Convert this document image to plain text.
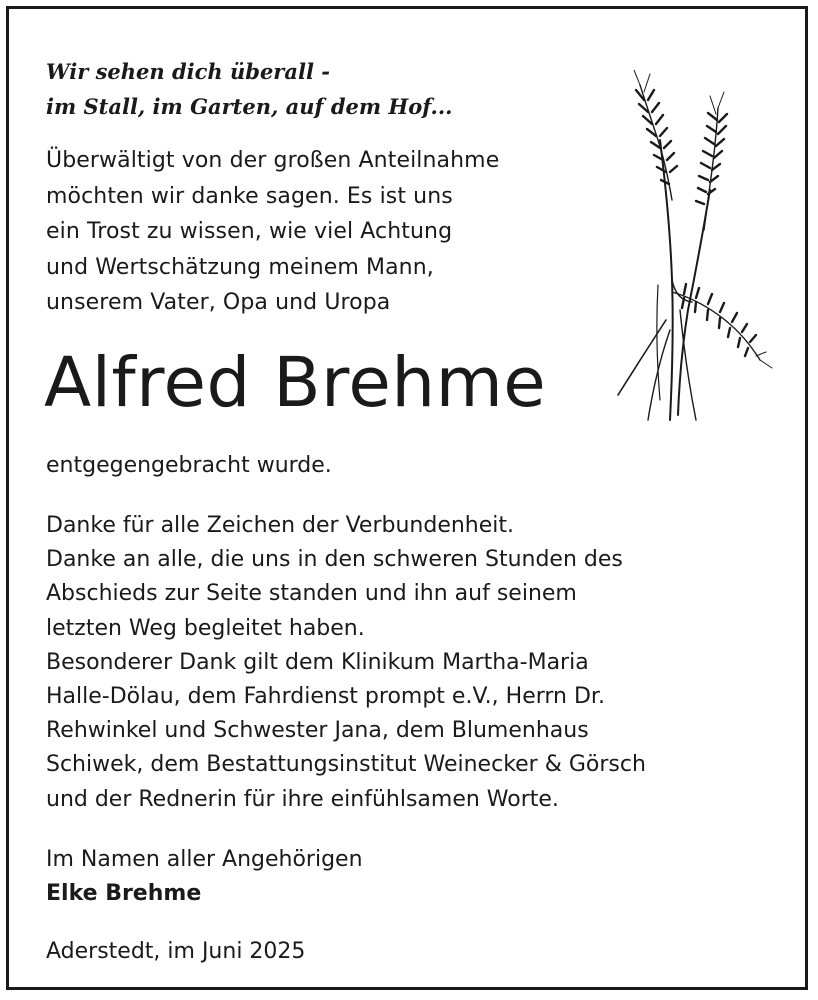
Wir sehen dich überall -
im Stall, im Garten, auf dem Hof...
Überwältigt von der großen Anteilnahme
möchten wir danke sagen. Es ist uns
ein Trost zu wissen, wie viel Achtung
und Wertschätzung meinem Mann,
unserem Vater, Opa und Uropa
Alfred Brehme
entgegengebracht wurde.
Danke für alle Zeichen der Verbundenheit.
Danke an alle, die uns in den schweren Stunden des
Abschieds zur Seite standen und ihn auf seinem
letzten Weg begleitet haben.
Besonderer Dank gilt dem Klinikum Martha-Maria
Halle-Dölau, dem Fahrdienst prompt e.V., Herrn Dr.
Rehwinkel und Schwester Jana, dem Blumenhaus
Schiwek, dem Bestattungsinstitut Weinecker & Görsch
und der Rednerin für ihre einfühlsamen Worte.
Im Namen aller Angehörigen
Elke Brehme
Aderstedt, im Juni 2025
